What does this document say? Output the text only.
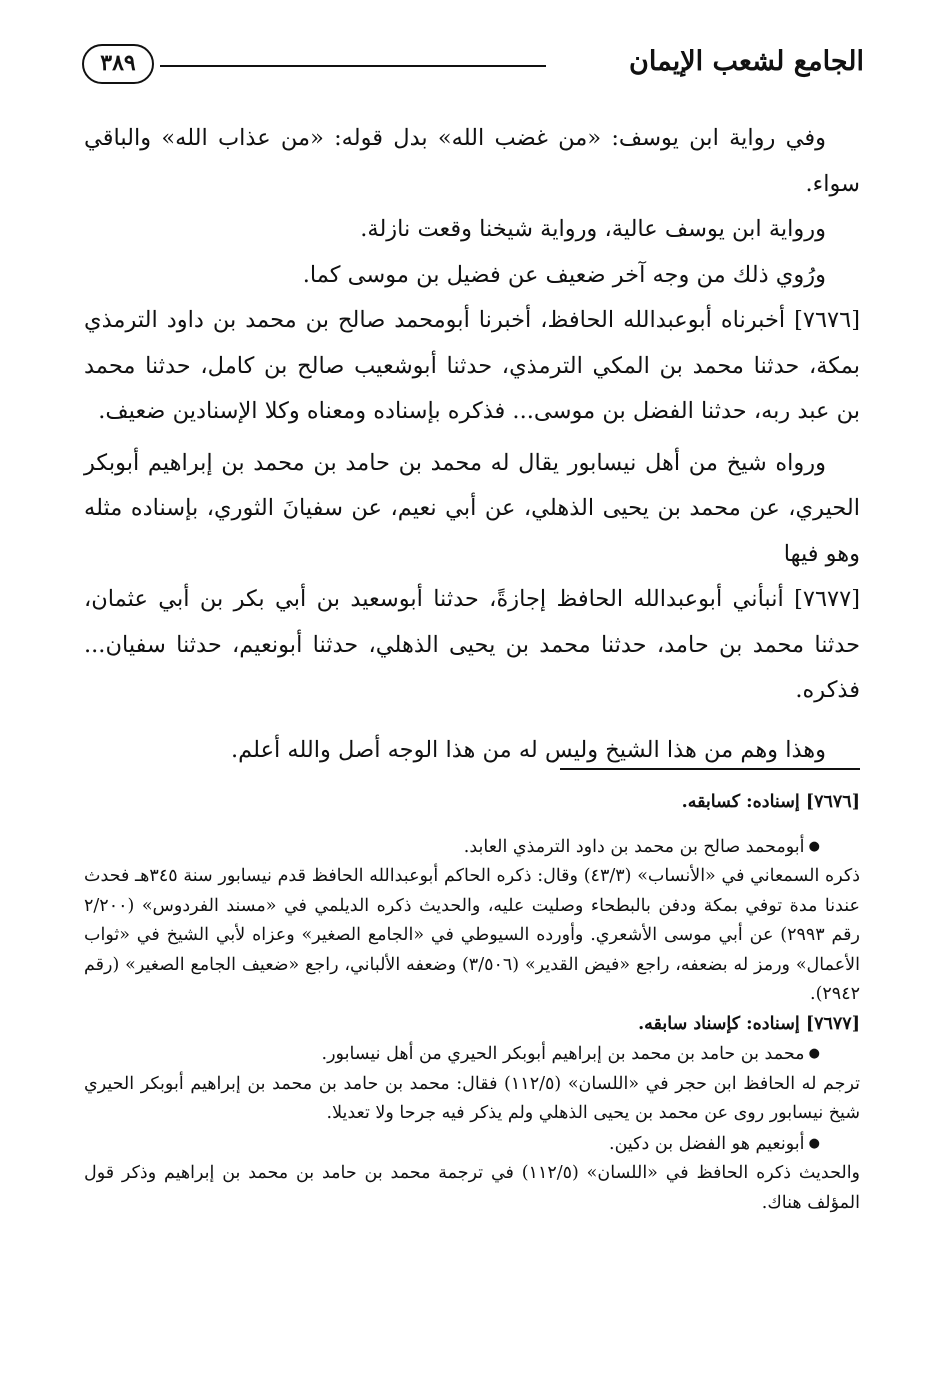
الجامع لشعب الإيمان
٣٨٩

وفي رواية ابن يوسف: «من غضب الله» بدل قوله: «من عذاب الله» والباقي سواء.

ورواية ابن يوسف عالية، ورواية شيخنا وقعت نازلة.

ورُوي ذلك من وجه آخر ضعيف عن فضيل بن موسى كما.

[٧٦٧٦] أخبرناه أبوعبدالله الحافظ، أخبرنا أبومحمد صالح بن محمد بن داود الترمذي بمكة، حدثنا محمد بن المكي الترمذي، حدثنا أبوشعيب صالح بن كامل، حدثنا محمد بن عبد ربه، حدثنا الفضل بن موسى... فذكره بإسناده ومعناه وكلا الإسنادين ضعيف.

ورواه شيخ من أهل نيسابور يقال له محمد بن حامد بن محمد بن إبراهيم أبوبكر الحيري، عن محمد بن يحيى الذهلي، عن أبي نعيم، عن سفيانَ الثوري، بإسناده مثله وهو فيها

[٧٦٧٧] أنبأني أبوعبدالله الحافظ إجازةً، حدثنا أبوسعيد بن أبي بكر بن أبي عثمان، حدثنا محمد بن حامد، حدثنا محمد بن يحيى الذهلي، حدثنا أبونعيم، حدثنا سفيان... فذكره.

وهذا وهم من هذا الشيخ وليس له من هذا الوجه أصل والله أعلم.

[٧٦٧٦] إسناده: كسابقه.

● أبومحمد صالح بن محمد بن داود الترمذي العابد.

ذكره السمعاني في «الأنساب» (٤٣/٣) وقال: ذكره الحاكم أبوعبدالله الحافظ قدم نيسابور سنة ٣٤٥هـ فحدث عندنا مدة توفي بمكة ودفن بالبطحاء وصليت عليه، والحديث ذكره الديلمي في «مسند الفردوس» (٢/٢٠٠ رقم ٢٩٩٣) عن أبي موسى الأشعري. وأورده السيوطي في «الجامع الصغير» وعزاه لأبي الشيخ في «ثواب الأعمال» ورمز له بضعفه، راجع «فيض القدير» (٣/٥٠٦) وضعفه الألباني، راجع «ضعيف الجامع الصغير» (رقم ٢٩٤٢).

[٧٦٧٧] إسناده: كإسناد سابقه.

● محمد بن حامد بن محمد بن إبراهيم أبوبكر الحيري من أهل نيسابور.

ترجم له الحافظ ابن حجر في «اللسان» (١١٢/٥) فقال: محمد بن حامد بن محمد بن إبراهيم أبوبكر الحيري شيخ نيسابور روى عن محمد بن يحيى الذهلي ولم يذكر فيه جرحا ولا تعديلا.

● أبونعيم هو الفضل بن دكين.

والحديث ذكره الحافظ في «اللسان» (١١٢/٥) في ترجمة محمد بن حامد بن محمد بن إبراهيم وذكر قول المؤلف هناك.
